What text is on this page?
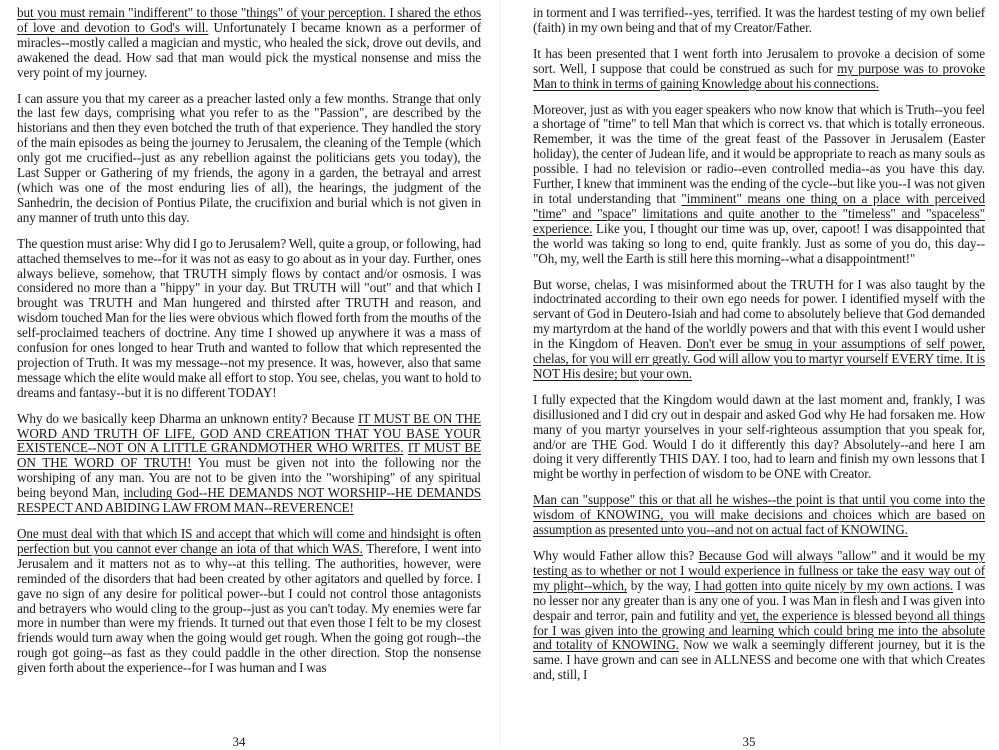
but you must remain "indifferent" to those "things" of your perception. I shared the ethos of love and devotion to God's will. Unfortunately I became known as a performer of miracles--mostly called a magician and mystic, who healed the sick, drove out devils, and awakened the dead. How sad that man would pick the mystical nonsense and miss the very point of my journey.

I can assure you that my career as a preacher lasted only a few months. Strange that only the last few days, comprising what you refer to as the "Passion", are described by the historians and then they even botched the truth of that experience. They handled the story of the main episodes as being the journey to Jerusalem, the cleaning of the Temple (which only got me crucified--just as any rebellion against the politicians gets you today), the Last Supper or Gathering of my friends, the agony in a garden, the betrayal and arrest (which was one of the most enduring lies of all), the hearings, the judgment of the Sanhedrin, the decision of Pontius Pilate, the crucifixion and burial which is not given in any manner of truth unto this day.

The question must arise: Why did I go to Jerusalem? Well, quite a group, or following, had attached themselves to me--for it was not as easy to go about as in your day. Further, ones always believe, somehow, that TRUTH simply flows by contact and/or osmosis. I was considered no more than a "hippy" in your day. But TRUTH will "out" and that which I brought was TRUTH and Man hungered and thirsted after TRUTH and reason, and wisdom touched Man for the lies were obvious which flowed forth from the mouths of the self-proclaimed teachers of doctrine. Any time I showed up anywhere it was a mass of confusion for ones longed to hear Truth and wanted to follow that which represented the projection of Truth. It was my message--not my presence. It was, however, also that same message which the elite would make all effort to stop. You see, chelas, you want to hold to dreams and fantasy--but it is no different TODAY!

Why do we basically keep Dharma an unknown entity? Because IT MUST BE ON THE WORD AND TRUTH OF LIFE, GOD AND CREATION THAT YOU BASE YOUR EXISTENCE--NOT ON A LITTLE GRANDMOTHER WHO WRITES. IT MUST BE ON THE WORD OF TRUTH! You must be given not into the following nor the worshiping of any man. You are not to be given into the "worshiping" of any spiritual being beyond Man, including God--HE DEMANDS NOT WORSHIP--HE DEMANDS RESPECT AND ABIDING LAW FROM MAN--REVERENCE!

One must deal with that which IS and accept that which will come and hindsight is often perfection but you cannot ever change an iota of that which WAS. Therefore, I went into Jerusalem and it matters not as to why--at this telling. The authorities, however, were reminded of the disorders that had been created by other agitators and quelled by force. I gave no sign of any desire for political power--but I could not control those antagonists and betrayers who would cling to the group--just as you can't today. My enemies were far more in number than were my friends. It turned out that even those I felt to be my closest friends would turn away when the going would get rough. When the going got rough--the rough got going--as fast as they could paddle in the other direction. Stop the nonsense given forth about the experience--for I was human and I was

34

in torment and I was terrified--yes, terrified. It was the hardest testing of my own belief (faith) in my own being and that of my Creator/Father.

It has been presented that I went forth into Jerusalem to provoke a decision of some sort. Well, I suppose that could be construed as such for my purpose was to provoke Man to think in terms of gaining Knowledge about his connections.

Moreover, just as with you eager speakers who now know that which is Truth--you feel a shortage of "time" to tell Man that which is correct vs. that which is totally erroneous. Remember, it was the time of the great feast of the Passover in Jerusalem (Easter holiday), the center of Judean life, and it would be appropriate to reach as many souls as possible. I had no television or radio--even controlled media--as you have this day. Further, I knew that imminent was the ending of the cycle--but like you--I was not given in total understanding that "imminent" means one thing on a place with perceived "time" and "space" limitations and quite another to the "timeless" and "spaceless" experience. Like you, I thought our time was up, over, capoot! I was disappointed that the world was taking so long to end, quite frankly. Just as some of you do, this day--"Oh, my, well the Earth is still here this morning--what a disappointment!"

But worse, chelas, I was misinformed about the TRUTH for I was also taught by the indoctrinated according to their own ego needs for power. I identified myself with the servant of God in Deutero-Isiah and had come to absolutely believe that God demanded my martyrdom at the hand of the worldly powers and that with this event I would usher in the Kingdom of Heaven. Don't ever be smug in your assumptions of self power, chelas, for you will err greatly. God will allow you to martyr yourself EVERY time. It is NOT His desire; but your own.

I fully expected that the Kingdom would dawn at the last moment and, frankly, I was disillusioned and I did cry out in despair and asked God why He had forsaken me. How many of you martyr yourselves in your self-righteous assumption that you speak for, and/or are THE God. Would I do it differently this day? Absolutely--and here I am doing it very differently THIS DAY. I too, had to learn and finish my own lessons that I might be worthy in perfection of wisdom to be ONE with Creator.

Man can "suppose" this or that all he wishes--the point is that until you come into the wisdom of KNOWING, you will make decisions and choices which are based on assumption as presented unto you--and not on actual fact of KNOWING.

Why would Father allow this? Because God will always "allow" and it would be my testing as to whether or not I would experience in fullness or take the easy way out of my plight--which, by the way, I had gotten into quite nicely by my own actions. I was no lesser nor any greater than is any one of you. I was Man in flesh and I was given into despair and terror, pain and futility and yet, the experience is blessed beyond all things for I was given into the growing and learning which could bring me into the absolute and totality of KNOWING. Now we walk a seemingly different journey, but it is the same. I have grown and can see in ALLNESS and become one with that which Creates and, still, I

35
